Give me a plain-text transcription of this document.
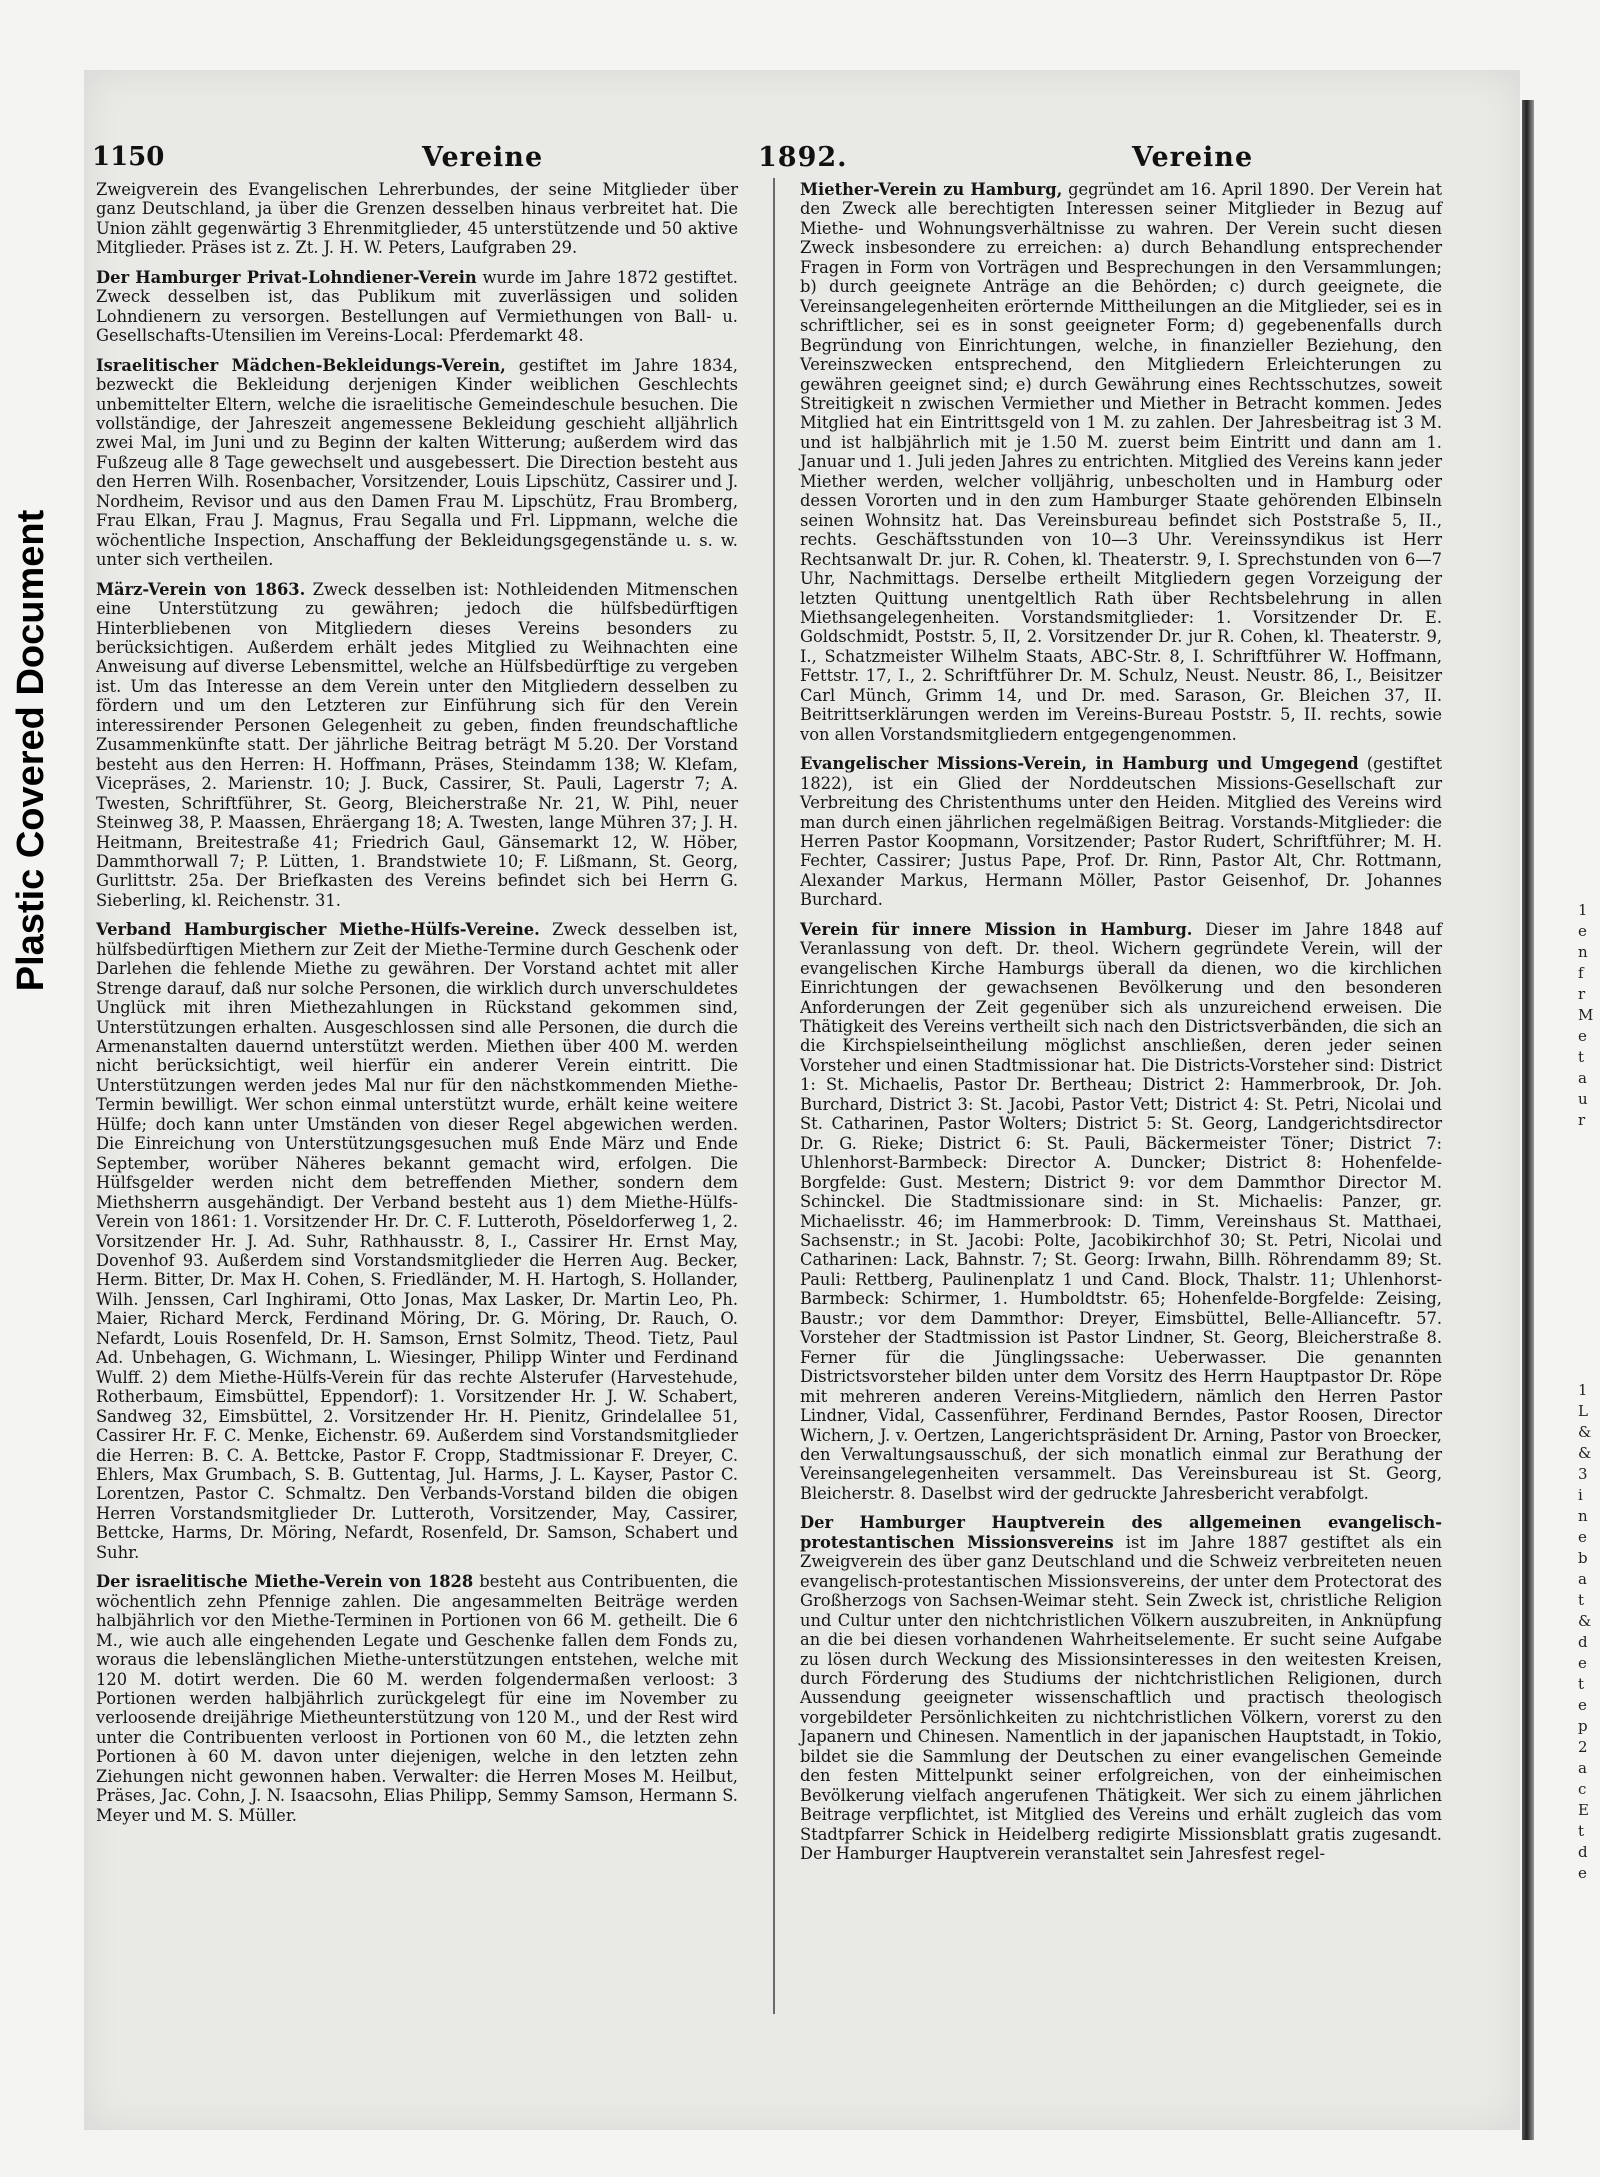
Plastic Covered Document	1
e
n
f
r
M
e
t
a
u
r
1
L
&
&
3
i
n
e
b
a
t
&
d
e
t
e
p
2
a
c
E
t
d
e
1150	Vereine	1892.	Vereine

Zweigverein des Evangelischen Lehrerbundes, der seine Mitglieder über ganz Deutschland, ja über die Grenzen desselben hinaus verbreitet hat. Die Union zählt gegenwärtig 3 Ehrenmitglieder, 45 unterstützende und 50 aktive Mitglieder. Präses ist z. Zt. J. H. W. Peters, Laufgraben 29.

Der Hamburger Privat-Lohndiener-Verein wurde im Jahre 1872 gestiftet. Zweck desselben ist, das Publikum mit zuverlässigen und soliden Lohndienern zu versorgen. Bestellungen auf Vermiethungen von Ball- u. Gesellschafts-Utensilien im Vereins-Local: Pferdemarkt 48.

Israelitischer Mädchen-Bekleidungs-Verein, gestiftet im Jahre 1834, bezweckt die Bekleidung derjenigen Kinder weiblichen Geschlechts unbemittelter Eltern, welche die israelitische Gemeindeschule besuchen. Die vollständige, der Jahreszeit angemessene Bekleidung geschieht alljährlich zwei Mal, im Juni und zu Beginn der kalten Witterung; außerdem wird das Fußzeug alle 8 Tage gewechselt und ausgebessert. Die Direction besteht aus den Herren Wilh. Rosenbacher, Vorsitzender, Louis Lipschütz, Cassirer und J. Nordheim, Revisor und aus den Damen Frau M. Lipschütz, Frau Bromberg, Frau Elkan, Frau J. Magnus, Frau Segalla und Frl. Lippmann, welche die wöchentliche Inspection, Anschaffung der Bekleidungsgegenstände u. s. w. unter sich vertheilen.

März-Verein von 1863. Zweck desselben ist: Nothleidenden Mitmenschen eine Unterstützung zu gewähren; jedoch die hülfsbedürftigen Hinterbliebenen von Mitgliedern dieses Vereins besonders zu berücksichtigen. Außerdem erhält jedes Mitglied zu Weihnachten eine Anweisung auf diverse Lebensmittel, welche an Hülfsbedürftige zu vergeben ist. Um das Interesse an dem Verein unter den Mitgliedern desselben zu fördern und um den Letzteren zur Einführung sich für den Verein interessirender Personen Gelegenheit zu geben, finden freundschaftliche Zusammenkünfte statt. Der jährliche Beitrag beträgt M 5.20. Der Vorstand besteht aus den Herren: H. Hoffmann, Präses, Steindamm 138; W. Klefam, Vicepräses, 2. Marienstr. 10; J. Buck, Cassirer, St. Pauli, Lagerstr 7; A. Twesten, Schriftführer, St. Georg, Bleicherstraße Nr. 21, W. Pihl, neuer Steinweg 38, P. Maassen, Ehräergang 18; A. Twesten, lange Mühren 37; J. H. Heitmann, Breitestraße 41; Friedrich Gaul, Gänsemarkt 12, W. Höber, Dammthorwall 7; P. Lütten, 1. Brandstwiete 10; F. Lißmann, St. Georg, Gurlittstr. 25a. Der Briefkasten des Vereins befindet sich bei Herrn G. Sieberling, kl. Reichenstr. 31.

Verband Hamburgischer Miethe-Hülfs-Vereine. Zweck desselben ist, hülfsbedürftigen Miethern zur Zeit der Miethe-Termine durch Geschenk oder Darlehen die fehlende Miethe zu gewähren. Der Vorstand achtet mit aller Strenge darauf, daß nur solche Personen, die wirklich durch unverschuldetes Unglück mit ihren Miethezahlungen in Rückstand gekommen sind, Unterstützungen erhalten. Ausgeschlossen sind alle Personen, die durch die Armenanstalten dauernd unterstützt werden. Miethen über 400 M. werden nicht berücksichtigt, weil hierfür ein anderer Verein eintritt. Die Unterstützungen werden jedes Mal nur für den nächstkommenden Miethe-Termin bewilligt. Wer schon einmal unterstützt wurde, erhält keine weitere Hülfe; doch kann unter Umständen von dieser Regel abgewichen werden. Die Einreichung von Unterstützungsgesuchen muß Ende März und Ende September, worüber Näheres bekannt gemacht wird, erfolgen. Die Hülfsgelder werden nicht dem betreffenden Miether, sondern dem Miethsherrn ausgehändigt. Der Verband besteht aus 1) dem Miethe-Hülfs-Verein von 1861: 1. Vorsitzender Hr. Dr. C. F. Lutteroth, Pöseldorferweg 1, 2. Vorsitzender Hr. J. Ad. Suhr, Rathhausstr. 8, I., Cassirer Hr. Ernst May, Dovenhof 93. Außerdem sind Vorstandsmitglieder die Herren Aug. Becker, Herm. Bitter, Dr. Max H. Cohen, S. Friedländer, M. H. Hartogh, S. Hollander, Wilh. Jenssen, Carl Inghirami, Otto Jonas, Max Lasker, Dr. Martin Leo, Ph. Maier, Richard Merck, Ferdinand Möring, Dr. G. Möring, Dr. Rauch, O. Nefardt, Louis Rosenfeld, Dr. H. Samson, Ernst Solmitz, Theod. Tietz, Paul Ad. Unbehagen, G. Wichmann, L. Wiesinger, Philipp Winter und Ferdinand Wulff. 2) dem Miethe-Hülfs-Verein für das rechte Alsterufer (Harvestehude, Rotherbaum, Eimsbüttel, Eppendorf): 1. Vorsitzender Hr. J. W. Schabert, Sandweg 32, Eimsbüttel, 2. Vorsitzender Hr. H. Pienitz, Grindelallee 51, Cassirer Hr. F. C. Menke, Eichenstr. 69. Außerdem sind Vorstandsmitglieder die Herren: B. C. A. Bettcke, Pastor F. Cropp, Stadtmissionar F. Dreyer, C. Ehlers, Max Grumbach, S. B. Guttentag, Jul. Harms, J. L. Kayser, Pastor C. Lorentzen, Pastor C. Schmaltz. Den Verbands-Vorstand bilden die obigen Herren Vorstandsmitglieder Dr. Lutteroth, Vorsitzender, May, Cassirer, Bettcke, Harms, Dr. Möring, Nefardt, Rosenfeld, Dr. Samson, Schabert und Suhr.

Der israelitische Miethe-Verein von 1828 besteht aus Contribuenten, die wöchentlich zehn Pfennige zahlen. Die angesammelten Beiträge werden halbjährlich vor den Miethe-Terminen in Portionen von 66 M. getheilt. Die 6 M., wie auch alle eingehenden Legate und Geschenke fallen dem Fonds zu, woraus die lebenslänglichen Miethe-unterstützungen entstehen, welche mit 120 M. dotirt werden. Die 60 M. werden folgendermaßen verloost: 3 Portionen werden halbjährlich zurückgelegt für eine im November zu verloosende dreijährige Mietheunterstützung von 120 M., und der Rest wird unter die Contribuenten verloost in Portionen von 60 M., die letzten zehn Portionen à 60 M. davon unter diejenigen, welche in den letzten zehn Ziehungen nicht gewonnen haben. Verwalter: die Herren Moses M. Heilbut, Präses, Jac. Cohn, J. N. Isaacsohn, Elias Philipp, Semmy Samson, Hermann S. Meyer und M. S. Müller.

Miether-Verein zu Hamburg, gegründet am 16. April 1890. Der Verein hat den Zweck alle berechtigten Interessen seiner Mitglieder in Bezug auf Miethe- und Wohnungsverhältnisse zu wahren. Der Verein sucht diesen Zweck insbesondere zu erreichen: a) durch Behandlung entsprechender Fragen in Form von Vorträgen und Besprechungen in den Versammlungen; b) durch geeignete Anträge an die Behörden; c) durch geeignete, die Vereinsangelegenheiten erörternde Mittheilungen an die Mitglieder, sei es in schriftlicher, sei es in sonst geeigneter Form; d) gegebenenfalls durch Begründung von Einrichtungen, welche, in finanzieller Beziehung, den Vereinszwecken entsprechend, den Mitgliedern Erleichterungen zu gewähren geeignet sind; e) durch Gewährung eines Rechtsschutzes, soweit Streitigkeit n zwischen Vermiether und Miether in Betracht kommen. Jedes Mitglied hat ein Eintrittsgeld von 1 M. zu zahlen. Der Jahresbeitrag ist 3 M. und ist halbjährlich mit je 1.50 M. zuerst beim Eintritt und dann am 1. Januar und 1. Juli jeden Jahres zu entrichten. Mitglied des Vereins kann jeder Miether werden, welcher volljährig, unbescholten und in Hamburg oder dessen Vororten und in den zum Hamburger Staate gehörenden Elbinseln seinen Wohnsitz hat. Das Vereinsbureau befindet sich Poststraße 5, II., rechts. Geschäftsstunden von 10—3 Uhr. Vereinssyndikus ist Herr Rechtsanwalt Dr. jur. R. Cohen, kl. Theaterstr. 9, I. Sprechstunden von 6—7 Uhr, Nachmittags. Derselbe ertheilt Mitgliedern gegen Vorzeigung der letzten Quittung unentgeltlich Rath über Rechtsbelehrung in allen Miethsangelegenheiten. Vorstandsmitglieder: 1. Vorsitzender Dr. E. Goldschmidt, Poststr. 5, II, 2. Vorsitzender Dr. jur R. Cohen, kl. Theaterstr. 9, I., Schatzmeister Wilhelm Staats, ABC-Str. 8, I. Schriftführer W. Hoffmann, Fettstr. 17, I., 2. Schriftführer Dr. M. Schulz, Neust. Neustr. 86, I., Beisitzer Carl Münch, Grimm 14, und Dr. med. Sarason, Gr. Bleichen 37, II. Beitrittserklärungen werden im Vereins-Bureau Poststr. 5, II. rechts, sowie von allen Vorstandsmitgliedern entgegengenommen.

Evangelischer Missions-Verein, in Hamburg und Umgegend (gestiftet 1822), ist ein Glied der Norddeutschen Missions-Gesellschaft zur Verbreitung des Christenthums unter den Heiden. Mitglied des Vereins wird man durch einen jährlichen regelmäßigen Beitrag. Vorstands-Mitglieder: die Herren Pastor Koopmann, Vorsitzender; Pastor Rudert, Schriftführer; M. H. Fechter, Cassirer; Justus Pape, Prof. Dr. Rinn, Pastor Alt, Chr. Rottmann, Alexander Markus, Hermann Möller, Pastor Geisenhof, Dr. Johannes Burchard.

Verein für innere Mission in Hamburg. Dieser im Jahre 1848 auf Veranlassung von deft. Dr. theol. Wichern gegründete Verein, will der evangelischen Kirche Hamburgs überall da dienen, wo die kirchlichen Einrichtungen der gewachsenen Bevölkerung und den besonderen Anforderungen der Zeit gegenüber sich als unzureichend erweisen. Die Thätigkeit des Vereins vertheilt sich nach den Districtsverbänden, die sich an die Kirchspielseintheilung möglichst anschließen, deren jeder seinen Vorsteher und einen Stadtmissionar hat. Die Districts-Vorsteher sind: District 1: St. Michaelis, Pastor Dr. Bertheau; District 2: Hammerbrook, Dr. Joh. Burchard, District 3: St. Jacobi, Pastor Vett; District 4: St. Petri, Nicolai und St. Catharinen, Pastor Wolters; District 5: St. Georg, Landgerichtsdirector Dr. G. Rieke; District 6: St. Pauli, Bäckermeister Töner; District 7: Uhlenhorst-Barmbeck: Director A. Duncker; District 8: Hohenfelde-Borgfelde: Gust. Mestern; District 9: vor dem Dammthor Director M. Schinckel. Die Stadtmissionare sind: in St. Michaelis: Panzer, gr. Michaelisstr. 46; im Hammerbrook: D. Timm, Vereinshaus St. Matthaei, Sachsenstr.; in St. Jacobi: Polte, Jacobikirchhof 30; St. Petri, Nicolai und Catharinen: Lack, Bahnstr. 7; St. Georg: Irwahn, Billh. Röhrendamm 89; St. Pauli: Rettberg, Paulinenplatz 1 und Cand. Block, Thalstr. 11; Uhlenhorst-Barmbeck: Schirmer, 1. Humboldtstr. 65; Hohenfelde-Borgfelde: Zeising, Baustr.; vor dem Dammthor: Dreyer, Eimsbüttel, Belle-Allianceftr. 57. Vorsteher der Stadtmission ist Pastor Lindner, St. Georg, Bleicherstraße 8. Ferner für die Jünglingssache: Ueberwasser. Die genannten Districtsvorsteher bilden unter dem Vorsitz des Herrn Hauptpastor Dr. Röpe mit mehreren anderen Vereins-Mitgliedern, nämlich den Herren Pastor Lindner, Vidal, Cassenführer, Ferdinand Berndes, Pastor Roosen, Director Wichern, J. v. Oertzen, Langerichtspräsident Dr. Arning, Pastor von Broecker, den Verwaltungsausschuß, der sich monatlich einmal zur Berathung der Vereinsangelegenheiten versammelt. Das Vereinsbureau ist St. Georg, Bleicherstr. 8. Daselbst wird der gedruckte Jahresbericht verabfolgt.

Der Hamburger Hauptverein des allgemeinen evangelisch-protestantischen Missionsvereins ist im Jahre 1887 gestiftet als ein Zweigverein des über ganz Deutschland und die Schweiz verbreiteten neuen evangelisch-protestantischen Missionsvereins, der unter dem Protectorat des Großherzogs von Sachsen-Weimar steht. Sein Zweck ist, christliche Religion und Cultur unter den nichtchristlichen Völkern auszubreiten, in Anknüpfung an die bei diesen vorhandenen Wahrheitselemente. Er sucht seine Aufgabe zu lösen durch Weckung des Missionsinteresses in den weitesten Kreisen, durch Förderung des Studiums der nichtchristlichen Religionen, durch Aussendung geeigneter wissenschaftlich und practisch theologisch vorgebildeter Persönlichkeiten zu nichtchristlichen Völkern, vorerst zu den Japanern und Chinesen. Namentlich in der japanischen Hauptstadt, in Tokio, bildet sie die Sammlung der Deutschen zu einer evangelischen Gemeinde den festen Mittelpunkt seiner erfolgreichen, von der einheimischen Bevölkerung vielfach angerufenen Thätigkeit. Wer sich zu einem jährlichen Beitrage verpflichtet, ist Mitglied des Vereins und erhält zugleich das vom Stadtpfarrer Schick in Heidelberg redigirte Missionsblatt gratis zugesandt. Der Hamburger Hauptverein veranstaltet sein Jahresfest regel-
